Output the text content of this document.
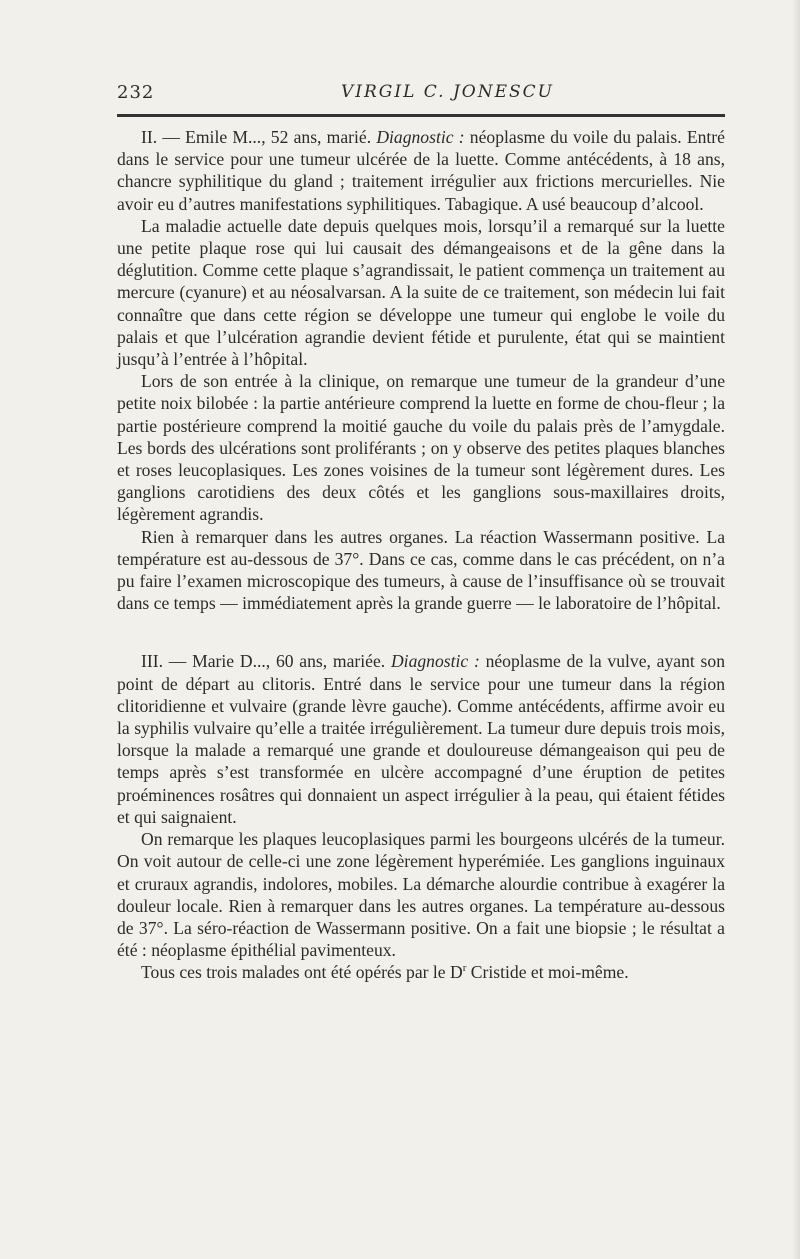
232	VIRGIL C. JONESCU

II. — Emile M..., 52 ans, marié. Diagnostic : néoplasme du voile du palais. Entré dans le service pour une tumeur ulcérée de la luette. Comme antécédents, à 18 ans, chancre syphilitique du gland ; traitement irrégulier aux frictions mercurielles. Nie avoir eu d’autres manifestations syphilitiques. Tabagique. A usé beaucoup d’alcool.

La maladie actuelle date depuis quelques mois, lorsqu’il a remarqué sur la luette une petite plaque rose qui lui causait des démangeaisons et de la gêne dans la déglutition. Comme cette plaque s’agrandissait, le patient commença un traitement au mercure (cyanure) et au néosalvarsan. A la suite de ce traitement, son médecin lui fait connaître que dans cette région se développe une tumeur qui englobe le voile du palais et que l’ulcération agrandie devient fétide et purulente, état qui se maintient jusqu’à l’entrée à l’hôpital.

Lors de son entrée à la clinique, on remarque une tumeur de la grandeur d’une petite noix bilobée : la partie antérieure comprend la luette en forme de chou-fleur ; la partie postérieure comprend la moitié gauche du voile du palais près de l’amygdale. Les bords des ulcérations sont proliférants ; on y observe des petites plaques blanches et roses leucoplasiques. Les zones voisines de la tumeur sont légèrement dures. Les ganglions carotidiens des deux côtés et les ganglions sous-maxillaires droits, légèrement agrandis.

Rien à remarquer dans les autres organes. La réaction Wassermann positive. La température est au-dessous de 37°. Dans ce cas, comme dans le cas précédent, on n’a pu faire l’examen microscopique des tumeurs, à cause de l’insuffisance où se trouvait dans ce temps — immédiatement après la grande guerre — le laboratoire de l’hôpital.

III. — Marie D..., 60 ans, mariée. Diagnostic : néoplasme de la vulve, ayant son point de départ au clitoris. Entré dans le service pour une tumeur dans la région clitoridienne et vulvaire (grande lèvre gauche). Comme antécédents, affirme avoir eu la syphilis vulvaire qu’elle a traitée irrégulièrement. La tumeur dure depuis trois mois, lorsque la malade a remarqué une grande et douloureuse démangeaison qui peu de temps après s’est transformée en ulcère accompagné d’une éruption de petites proéminences rosâtres qui donnaient un aspect irrégulier à la peau, qui étaient fétides et qui saignaient.

On remarque les plaques leucoplasiques parmi les bourgeons ulcérés de la tumeur. On voit autour de celle-ci une zone légèrement hyperémiée. Les ganglions inguinaux et cruraux agrandis, indolores, mobiles. La démarche alourdie contribue à exagérer la douleur locale. Rien à remarquer dans les autres organes. La température au-dessous de 37°. La séro-réaction de Wassermann positive. On a fait une biopsie ; le résultat a été : néoplasme épithélial pavimenteux.

Tous ces trois malades ont été opérés par le $D^r$ Cristide et moi-même.
